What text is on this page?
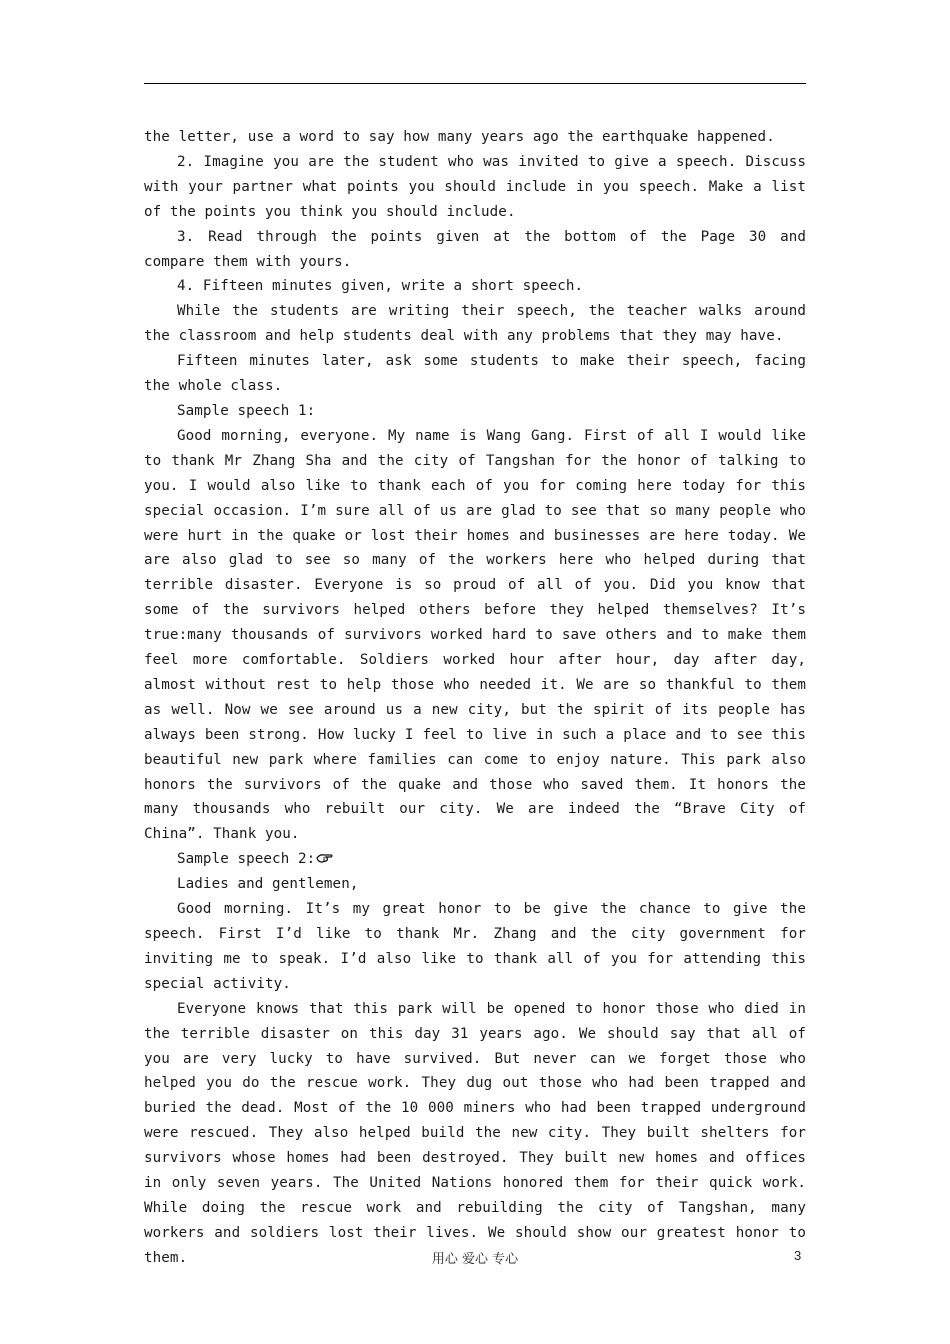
the letter, use a word to say how many years ago the earthquake happened.

2. Imagine you are the student who was invited to give a speech. Discuss with your partner what points you should include in you speech. Make a list of the points you think you should include.

3. Read through the points given at the bottom of the Page 30 and compare them with yours.

4. Fifteen minutes given, write a short speech.

While the students are writing their speech, the teacher walks around the classroom and help students deal with any problems that they may have.

Fifteen minutes later, ask some students to make their speech, facing the whole class.

Sample speech 1:

Good morning, everyone. My name is Wang Gang. First of all I would like to thank Mr Zhang Sha and the city of Tangshan for the honor of talking to you. I would also like to thank each of you for coming here today for this special occasion. I’m sure all of us are glad to see that so many people who were hurt in the quake or lost their homes and businesses are here today. We are also glad to see so many of the workers here who helped during that terrible disaster. Everyone is so proud of all of you. Did you know that some of the survivors helped others before they helped themselves? It’s true:many thousands of survivors worked hard to save others and to make them feel more comfortable. Soldiers worked hour after hour, day after day, almost without rest to help those who needed it. We are so thankful to them as well. Now we see around us a new city, but the spirit of its people has always been strong. How lucky I feel to live in such a place and to see this beautiful new park where families can come to enjoy nature. This park also honors the survivors of the quake and those who saved them. It honors the many thousands who rebuilt our city. We are indeed the “Brave City of China”. Thank you.

Sample speech 2:

Ladies and gentlemen,

Good morning. It’s my great honor to be give the chance to give the speech. First I’d like to thank Mr. Zhang and the city government for inviting me to speak. I’d also like to thank all of you for attending this special activity.

Everyone knows that this park will be opened to honor those who died in the terrible disaster on this day 31 years ago. We should say that all of you are very lucky to have survived. But never can we forget those who helped you do the rescue work. They dug out those who had been trapped and buried the dead. Most of the 10 000 miners who had been trapped underground were rescued. They also helped build the new city. They built shelters for survivors whose homes had been destroyed. They built new homes and offices in only seven years. The United Nations honored them for their quick work. While doing the rescue work and rebuilding the city of Tangshan, many workers and soldiers lost their lives. We should show our greatest honor to them.	用心 爱心 专心	3
